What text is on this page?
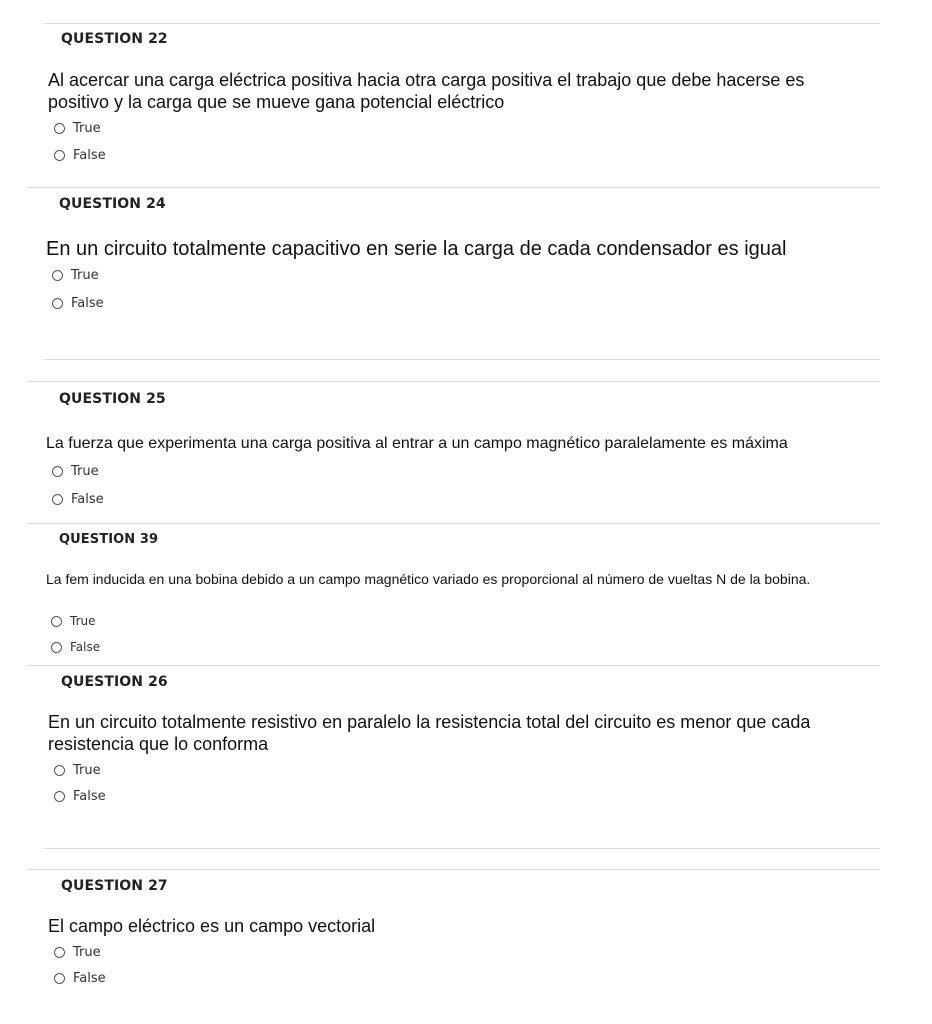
QUESTION 22
Al acercar una carga eléctrica positiva hacia otra carga positiva el trabajo que debe hacerse es positivo y la carga que se mueve gana potencial eléctrico
True
False
QUESTION 24
En un circuito totalmente capacitivo en serie la carga de cada condensador es igual
True
False
QUESTION 25
La fuerza que experimenta una carga positiva al entrar a un campo magnético paralelamente es máxima
True
False
QUESTION 39
La fem inducida en una bobina debido a un campo magnético variado es proporcional al número de vueltas N de la bobina.
True
False
QUESTION 26
En un circuito totalmente resistivo en paralelo la resistencia total del circuito es menor que cada resistencia que lo conforma
True
False
QUESTION 27
El campo eléctrico es un campo vectorial
True
False
